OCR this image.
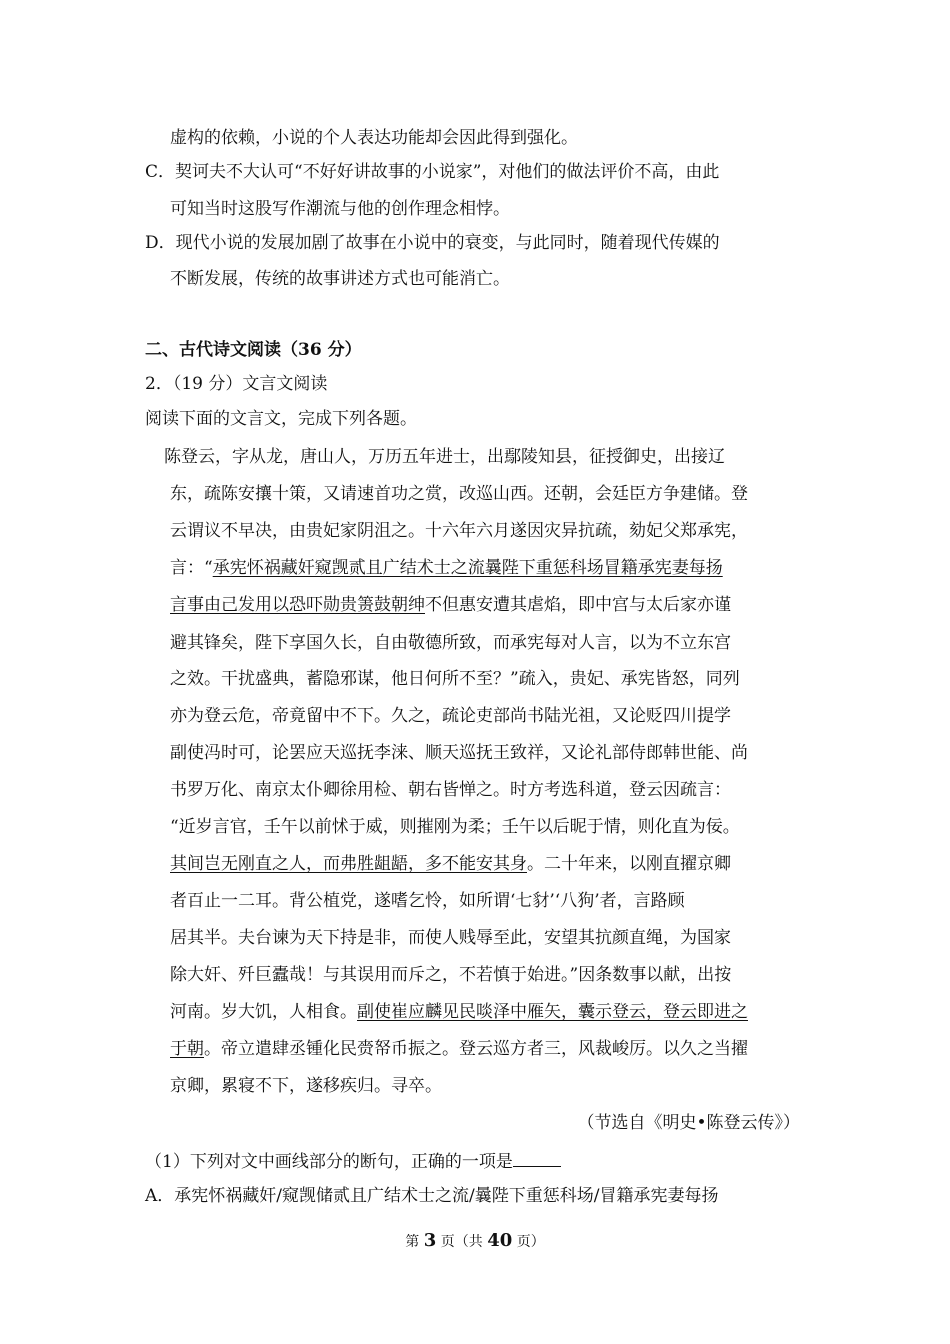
虚构的依赖，小说的个人表达功能却会因此得到强化。
C．契诃夫不大认可“不好好讲故事的小说家”，对他们的做法评价不高，由此
可知当时这股写作潮流与他的创作理念相悖。
D．现代小说的发展加剧了故事在小说中的衰变，与此同时，随着现代传媒的
不断发展，传统的故事讲述方式也可能消亡。
二、古代诗文阅读（36 分）
2．（19 分）文言文阅读
阅读下面的文言文，完成下列各题。
陈登云，字从龙，唐山人，万历五年进士，出鄢陵知县，征授御史，出接辽
东，疏陈安攘十策，又请速首功之赏，改巡山西。还朝，会廷臣方争建储。登
云谓议不早决，由贵妃家阴沮之。十六年六月遂因灾异抗疏，劾妃父郑承宪，
言：“承宪怀祸藏奸窥觊贰且广结术士之流曩陛下重惩科场冒籍承宪妻每扬
言事由己发用以恐吓勋贵箦鼓朝绅不但惠安遭其虐焰，即中宫与太后家亦谨
避其锋矣，陛下享国久长，自由敬德所致，而承宪每对人言，以为不立东宫
之效。干扰盛典，蓄隐邪谋，他日何所不至？”疏入，贵妃、承宪皆怒，同列
亦为登云危，帝竟留中不下。久之，疏论吏部尚书陆光祖，又论贬四川提学
副使冯时可，论罢应天巡抚李涞、顺天巡抚王致祥，又论礼部侍郎韩世能、尚
书罗万化、南京太仆卿徐用检、朝右皆惮之。时方考选科道，登云因疏言：
“近岁言官，壬午以前怵于威，则摧刚为柔；壬午以后昵于情，则化直为佞。
其间岂无刚直之人，而弗胜龃龉，多不能安其身。二十年来，以刚直擢京卿
者百止一二耳。背公植党，遂嗜乞怜，如所谓‘七豺’‘八狗’者，言路顾
居其半。夫台谏为天下持是非，而使人贱辱至此，安望其抗颜直绳，为国家
除大奸、歼巨蠹哉！与其误用而斥之，不若慎于始进。”因条数事以献，出按
河南。岁大饥，人相食。副使崔应麟见民啖泽中雁矢，囊示登云，登云即进之
于朝。帝立遣肆丞锺化民赍帑币振之。登云巡方者三，风裁峻厉。以久之当擢
京卿，累寝不下，遂移疾归。寻卒。
（节选自《明史•陈登云传》）
（1）下列对文中画线部分的断句，正确的一项是
A．承宪怀祸藏奸/窥觊储贰且广结术士之流/曩陛下重惩科场/冒籍承宪妻每扬
第 3 页（共 40 页）
